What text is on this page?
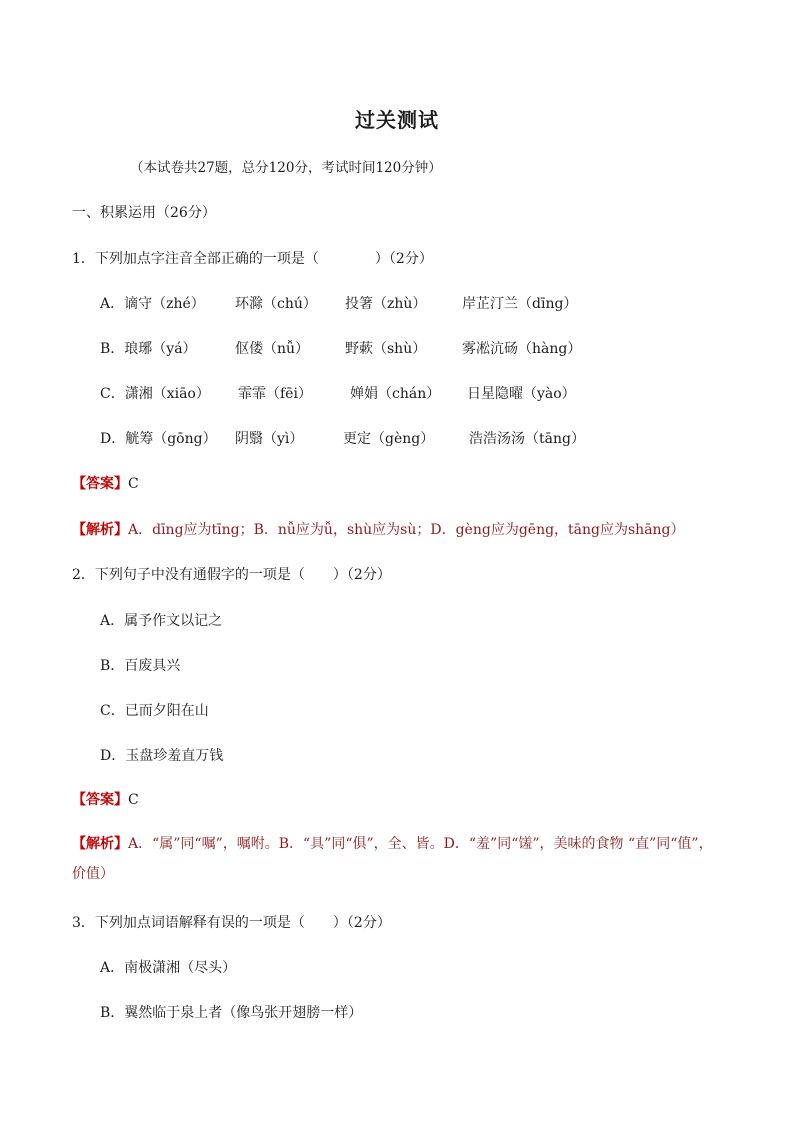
过关测试
（本试卷共27题，总分120分，考试时间120分钟）
一、积累运用（26分）
1．下列加点字注音全部正确的一项是（　　　　）（2分）
A．谪守（zhé） 环滁（chú） 投箸（zhù）	岸芷汀兰（dīng）
B．琅琊（yá）	伛偻（nǚ）	野蔌（shù）	雾凇沆砀（hàng）
C．潇湘（xiāo） 霏霏（fēi）	婵娟（chán） 日星隐曜（yào）
D．觥筹（gōng） 阴翳（yì）	更定（gèng） 浩浩汤汤（tāng）
【答案】C
【解析】A．dīng应为tīng；B．nǚ应为ǚ，shù应为sù；D．gèng应为gēng，tāng应为shāng）
2．下列句子中没有通假字的一项是（　　）（2分）
A．属予作文以记之
B．百废具兴
C．已而夕阳在山
D．玉盘珍羞直万钱
【答案】C
【解析】A．“属”同“嘱”，嘱咐。B．“具”同“俱”，全、皆。D．“羞”同“馐”，美味的食物 “直”同“值”，价值）
3．下列加点词语解释有误的一项是（　　）（2分）
A．南极潇湘（尽头）
B．翼然临于泉上者（像鸟张开翅膀一样）
